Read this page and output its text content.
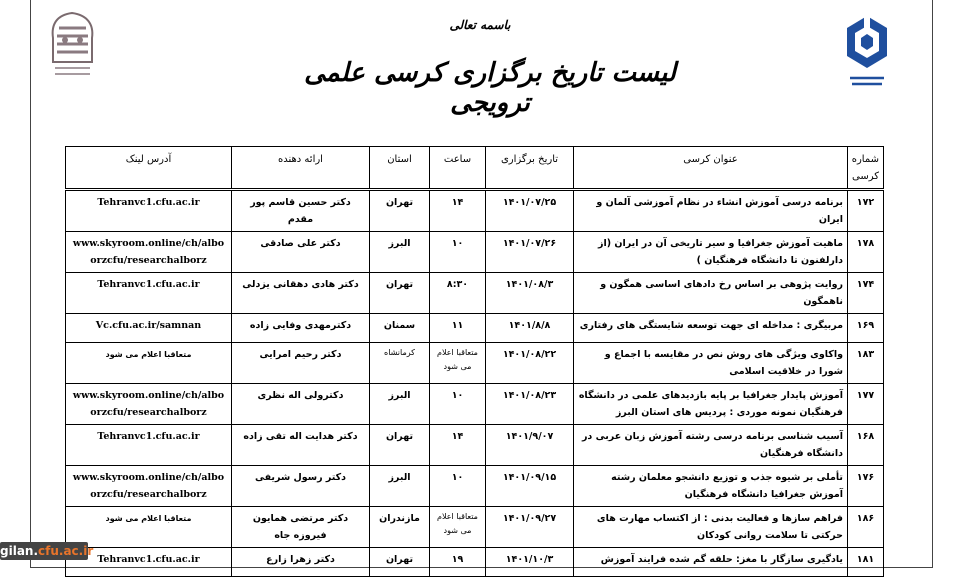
باسمه تعالی
لیست تاریخ برگزاری کرسی علمی ترویجی
شماره کرسی	عنوان کرسی	تاریخ برگزاری	ساعت	استان	ارائه دهنده	آدرس لینک
۱۷۲	برنامه درسی آموزش انشاء در نظام آموزشی آلمان و ایران	۱۴۰۱/۰۷/۲۵	۱۴	تهران	دکتر حسین قاسم پور مقدم	Tehranvc1.cfu.ac.ir
۱۷۸	ماهیت آموزش جغرافیا و سیر تاریخی آن در ایران (از دارلفنون تا دانشگاه فرهنگیان )	۱۴۰۱/۰۷/۲۶	۱۰	البرز	دکتر علی صادقی	www.skyroom.online/ch/alboorzcfu/researchalborz
۱۷۴	روایت پژوهی بر اساس رخ دادهای اساسی همگون و ناهمگون	۱۴۰۱/۰۸/۳	۸:۳۰	تهران	دکتر هادی دهقانی یزدلی	Tehranvc1.cfu.ac.ir
۱۶۹	مربیگری : مداخله ای جهت توسعه شایستگی های رفتاری	۱۴۰۱/۸/۸	۱۱	سمنان	دکترمهدی وفایی زاده	Vc.cfu.ac.ir/samnan
۱۸۳	واکاوی ویژگی های روش نص در مقایسه با اجماع و شورا در خلاقیت اسلامی	۱۴۰۱/۰۸/۲۲	متعاقبا اعلام می شود	کرمانشاه	دکتر رحیم امرایی	متعاقبا اعلام می شود
۱۷۷	آموزش پایدار جغرافیا بر پایه بازدیدهای علمی در دانشگاه فرهنگیان نمونه موردی : پردیس های استان البرز	۱۴۰۱/۰۸/۲۳	۱۰	البرز	دکترولی اله نظری	www.skyroom.online/ch/alboorzcfu/researchalborz
۱۶۸	آسیب شناسی برنامه درسی رشته آموزش زبان عربی در دانشگاه فرهنگیان	۱۴۰۱/۹/۰۷	۱۴	تهران	دکتر هدایت اله تقی زاده	Tehranvc1.cfu.ac.ir
۱۷۶	تأملی بر شیوه جذب و توزیع دانشجو معلمان رشته آموزش جغرافیا دانشگاه فرهنگیان	۱۴۰۱/۰۹/۱۵	۱۰	البرز	دکتر رسول شریفی	www.skyroom.online/ch/alboorzcfu/researchalborz
۱۸۶	فراهم سازها و فعالیت بدنی : از اکتساب مهارت های حرکتی تا سلامت روانی کودکان	۱۴۰۱/۰۹/۲۷	متعاقبا اعلام می شود	مازندران	دکتر مرتضی همایون فیروزه جاه	متعاقبا اعلام می شود
۱۸۱	یادگیری سازگار با مغز: حلقه گم شده فرایند آموزش	۱۴۰۱/۱۰/۳	۱۹	تهران	دکتر زهرا زارع	Tehranvc1.cfu.ac.ir
gilan.cfu.ac.ir
